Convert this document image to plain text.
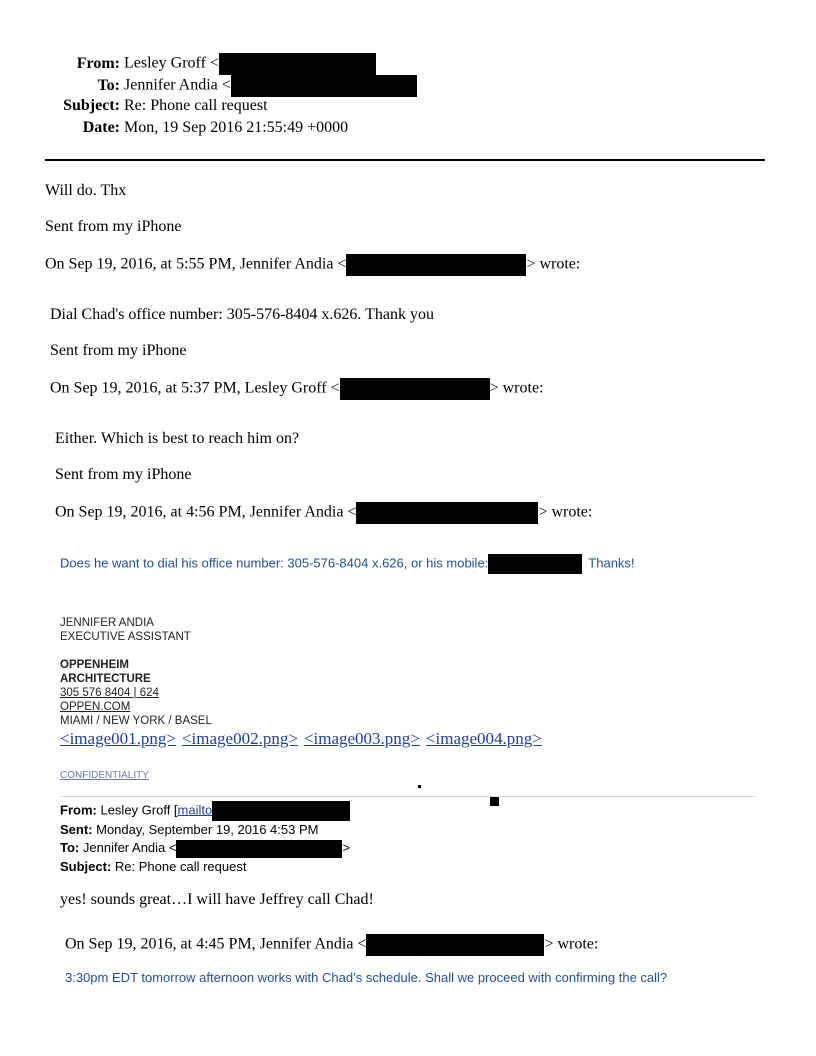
From: Lesley Groff <
To: Jennifer Andia <
Subject: Re: Phone call request
Date: Mon, 19 Sep 2016 21:55:49 +0000
Will do. Thx
Sent from my iPhone
On Sep 19, 2016, at 5:55 PM, Jennifer Andia <	> wrote:
Dial Chad's office number: 305-576-8404 x.626. Thank you
Sent from my iPhone
On Sep 19, 2016, at 5:37 PM, Lesley Groff <	> wrote:
Either. Which is best to reach him on?
Sent from my iPhone
On Sep 19, 2016, at 4:56 PM, Jennifer Andia <	> wrote:
Does he want to dial his office number: 305-576-8404 x.626, or his mobile:	Thanks!
JENNIFER ANDIA
EXECUTIVE ASSISTANT
OPPENHEIM
ARCHITECTURE
305 576 8404 | 624
OPPEN.COM
MIAMI / NEW YORK / BASEL
<image001.png> <image002.png> <image003.png> <image004.png>
CONFIDENTIALITY
From: Lesley Groff [mailto
Sent: Monday, September 19, 2016 4:53 PM
To: Jennifer Andia <	>
Subject: Re: Phone call request
yes! sounds great…I will have Jeffrey call Chad!
On Sep 19, 2016, at 4:45 PM, Jennifer Andia <	> wrote:
3:30pm EDT tomorrow afternoon works with Chad’s schedule. Shall we proceed with confirming the call?
